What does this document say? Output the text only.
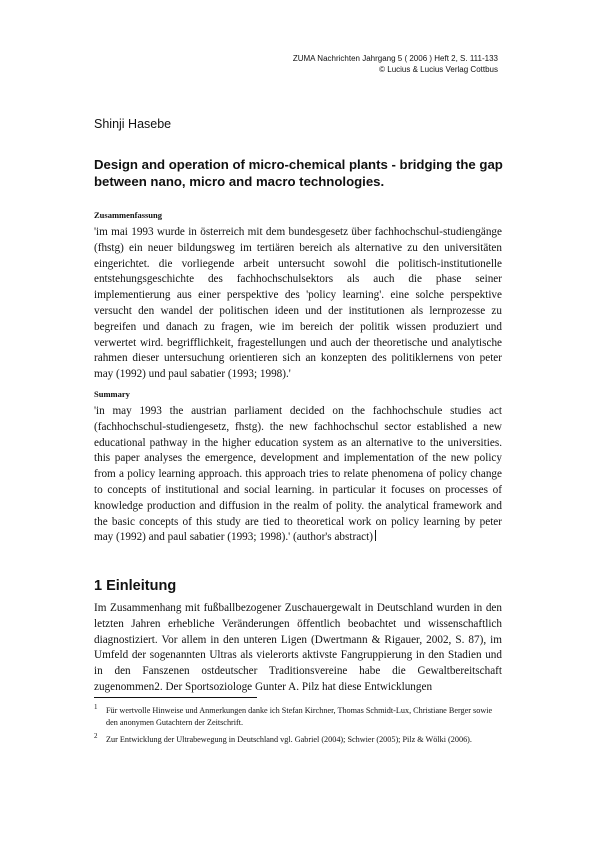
ZUMA Nachrichten Jahrgang 5 ( 2006 ) Heft 2, S. 111-133
© Lucius & Lucius Verlag Cottbus
Shinji Hasebe
Design and operation of micro-chemical plants - bridging the gap between nano, micro and macro technologies.
Zusammenfassung

'im mai 1993 wurde in österreich mit dem bundesgesetz über fachhochschul-studiengänge (fhstg) ein neuer bildungsweg im tertiären bereich als alternative zu den universitäten eingerichtet. die vorliegende arbeit untersucht sowohl die politisch-institutionelle entstehungsgeschichte des fachhochschulsektors als auch die phase seiner implementierung aus einer perspektive des 'policy learning'. eine solche perspektive versucht den wandel der politischen ideen und der institutionen als lernprozesse zu begreifen und danach zu fragen, wie im bereich der politik wissen produziert und verwertet wird. begrifflichkeit, fragestellungen und auch der theoretische und analytische rahmen dieser untersuchung orientieren sich an konzepten des politiklernens von peter may (1992) und paul sabatier (1993; 1998).'

Summary

'in may 1993 the austrian parliament decided on the fachhochschule studies act (fachhochschul-studiengesetz, fhstg). the new fachhochschul sector established a new educational pathway in the higher education system as an alternative to the universities. this paper analyses the emergence, development and implementation of the new policy from a policy learning approach. this approach tries to relate phenomena of policy change to concepts of institutional and social learning. in particular it focuses on processes of knowledge production and diffusion in the realm of polity. the analytical framework and the basic concepts of this study are tied to theoretical work on policy learning by peter may (1992) and paul sabatier (1993; 1998).' (author's abstract)

1 Einleitung

Im Zusammenhang mit fußballbezogener Zuschauergewalt in Deutschland wurden in den letzten Jahren erhebliche Veränderungen öffentlich beobachtet und wissenschaftlich diagnostiziert. Vor allem in den unteren Ligen (Dwertmann & Rigauer, 2002, S. 87), im Umfeld der sogenannten Ultras als vielerorts aktivste Fangruppierung in den Stadien und in den Fanszenen ostdeutscher Traditionsvereine habe die Gewaltbereitschaft zugenommen2. Der Sportsoziologe Gunter A. Pilz hat diese Entwicklungen

1 Für wertvolle Hinweise und Anmerkungen danke ich Stefan Kirchner, Thomas Schmidt-Lux, Christiane Berger sowie den anonymen Gutachtern der Zeitschrift.
2 Zur Entwicklung der Ultrabewegung in Deutschland vgl. Gabriel (2004); Schwier (2005); Pilz & Wölki (2006).
